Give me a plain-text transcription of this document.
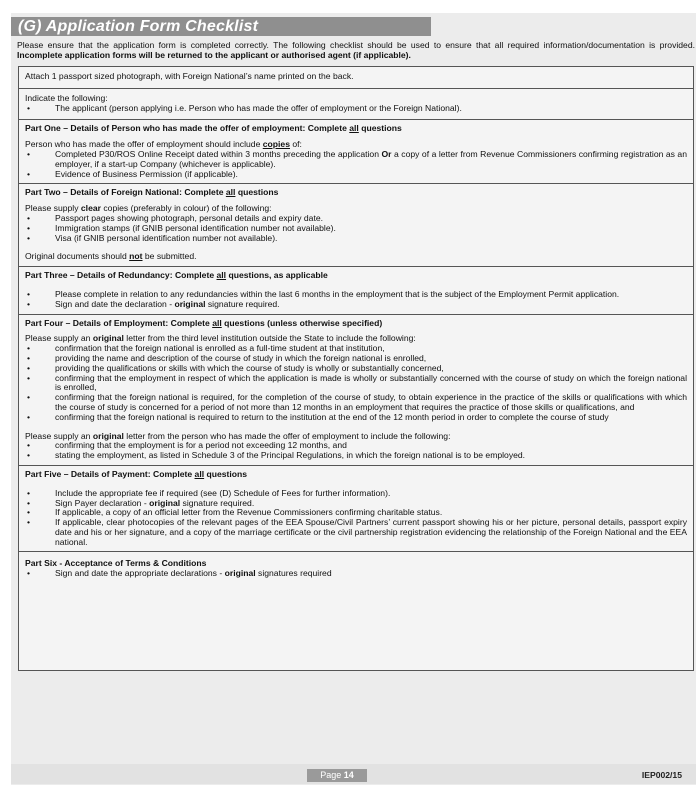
(G) Application Form Checklist
Please ensure that the application form is completed correctly. The following checklist should be used to ensure that all required information/documentation is provided. Incomplete application forms will be returned to the applicant or authorised agent (if applicable).
Attach 1 passport sized photograph, with Foreign National’s name printed on the back.
Indicate the following:
• The applicant (person applying i.e. Person who has made the offer of employment or the Foreign National).
Part One – Details of Person who has made the offer of employment: Complete all questions
Person who has made the offer of employment should include copies of:
• Completed P30/ROS Online Receipt dated within 3 months preceding the application Or a copy of a letter from Revenue Commissioners confirming registration as an employer, if a start-up Company (whichever is applicable).
• Evidence of Business Permission (if applicable).
Part Two – Details of Foreign National: Complete all questions
Please supply clear copies (preferably in colour) of the following:
• Passport pages showing photograph, personal details and expiry date.
• Immigration stamps (if GNIB personal identification number not available).
• Visa (if GNIB personal identification number not available).
Original documents should not be submitted.
Part Three – Details of Redundancy: Complete all questions, as applicable
• Please complete in relation to any redundancies within the last 6 months in the employment that is the subject of the Employment Permit application.
• Sign and date the declaration - original signature required.
Part Four – Details of Employment: Complete all questions (unless otherwise specified)
Please supply an original letter from the third level institution outside the State to include the following:
• confirmation that the foreign national is enrolled as a full-time student at that institution,
• providing the name and description of the course of study in which the foreign national is enrolled,
• providing the qualifications or skills with which the course of study is wholly or substantially concerned,
• confirming that the employment in respect of which the application is made is wholly or substantially concerned with the course of study on which the foreign national is enrolled,
• confirming that the foreign national is required, for the completion of the course of study, to obtain experience in the practice of the skills or qualifications with which the course of study is concerned for a period of not more than 12 months in an employment that requires the practice of those skills or qualifications, and
• confirming that the foreign national is required to return to the institution at the end of the 12 month period in order to complete the course of study
Please supply an original letter from the person who has made the offer of employment to include the following:
• confirming that the employment is for a period not exceeding 12 months, and
• stating the employment, as listed in Schedule 3 of the Principal Regulations, in which the foreign national is to be employed.
Part Five – Details of Payment: Complete all questions
• Include the appropriate fee if required (see (D) Schedule of Fees for further information).
• Sign Payer declaration - original signature required.
• If applicable, a copy of an official letter from the Revenue Commissioners confirming charitable status.
• If applicable, clear photocopies of the relevant pages of the EEA Spouse/Civil Partners’ current passport showing his or her picture, personal details, passport expiry date and his or her signature, and a copy of the marriage certificate or the civil partnership registration evidencing the relationship of the Foreign National and the EEA national.
Part Six - Acceptance of Terms & Conditions
• Sign and date the appropriate declarations - original signatures required
Page 14	IEP002/15
